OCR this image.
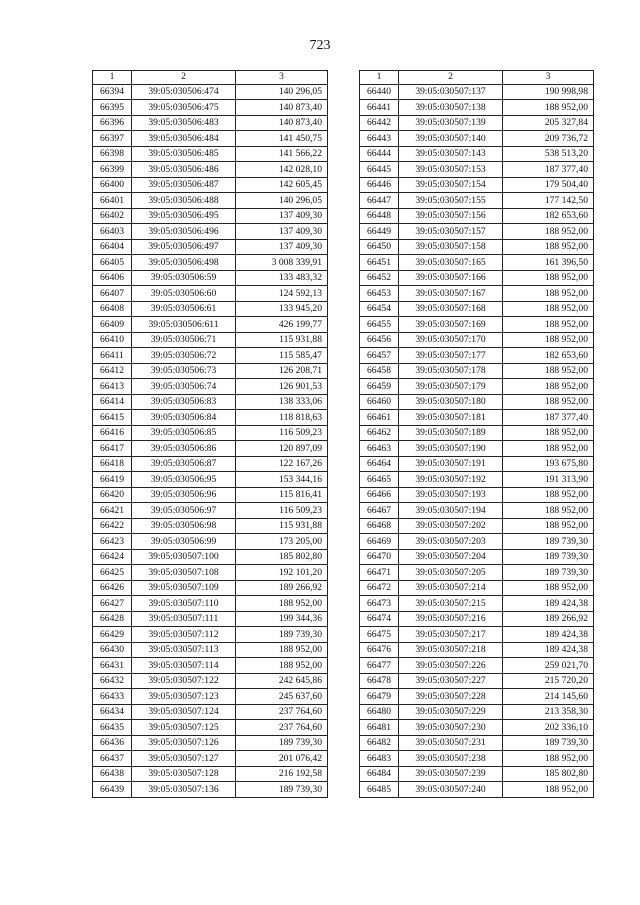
723
1	2	3
66394	39:05:030506:474	140 296,05
66395	39:05:030506:475	140 873,40
66396	39:05:030506:483	140 873,40
66397	39:05:030506:484	141 450,75
66398	39:05:030506:485	141 566,22
66399	39:05:030506:486	142 028,10
66400	39:05:030506:487	142 605,45
66401	39:05:030506:488	140 296,05
66402	39:05:030506:495	137 409,30
66403	39:05:030506:496	137 409,30
66404	39:05:030506:497	137 409,30
66405	39:05:030506:498	3 008 339,91
66406	39:05:030506:59	133 483,32
66407	39:05:030506:60	124 592,13
66408	39:05:030506:61	133 945,20
66409	39:05:030506:611	426 199,77
66410	39:05:030506:71	115 931,88
66411	39:05:030506:72	115 585,47
66412	39:05:030506:73	126 208,71
66413	39:05:030506:74	126 901,53
66414	39:05:030506:83	138 333,06
66415	39:05:030506:84	118 818,63
66416	39:05:030506:85	116 509,23
66417	39:05:030506:86	120 897,09
66418	39:05:030506:87	122 167,26
66419	39:05:030506:95	153 344,16
66420	39:05:030506:96	115 816,41
66421	39:05:030506:97	116 509,23
66422	39:05:030506:98	115 931,88
66423	39:05:030506:99	173 205,00
66424	39:05:030507:100	185 802,80
66425	39:05:030507:108	192 101,20
66426	39:05:030507:109	189 266,92
66427	39:05:030507:110	188 952,00
66428	39:05:030507:111	199 344,36
66429	39:05:030507:112	189 739,30
66430	39:05:030507:113	188 952,00
66431	39:05:030507:114	188 952,00
66432	39:05:030507:122	242 645,86
66433	39:05:030507:123	245 637,60
66434	39:05:030507:124	237 764,60
66435	39:05:030507:125	237 764,60
66436	39:05:030507:126	189 739,30
66437	39:05:030507:127	201 076,42
66438	39:05:030507:128	216 192,58
66439	39:05:030507:136	189 739,30
1	2	3
66440	39:05:030507:137	190 998,98
66441	39:05:030507:138	188 952,00
66442	39:05:030507:139	205 327,84
66443	39:05:030507:140	209 736,72
66444	39:05:030507:143	538 513,20
66445	39:05:030507:153	187 377,40
66446	39:05:030507:154	179 504,40
66447	39:05:030507:155	177 142,50
66448	39:05:030507:156	182 653,60
66449	39:05:030507:157	188 952,00
66450	39:05:030507:158	188 952,00
66451	39:05:030507:165	161 396,50
66452	39:05:030507:166	188 952,00
66453	39:05:030507:167	188 952,00
66454	39:05:030507:168	188 952,00
66455	39:05:030507:169	188 952,00
66456	39:05:030507:170	188 952,00
66457	39:05:030507:177	182 653,60
66458	39:05:030507:178	188 952,00
66459	39:05:030507:179	188 952,00
66460	39:05:030507:180	188 952,00
66461	39:05:030507:181	187 377,40
66462	39:05:030507:189	188 952,00
66463	39:05:030507:190	188 952,00
66464	39:05:030507:191	193 675,80
66465	39:05:030507:192	191 313,90
66466	39:05:030507:193	188 952,00
66467	39:05:030507:194	188 952,00
66468	39:05:030507:202	188 952,00
66469	39:05:030507:203	189 739,30
66470	39:05:030507:204	189 739,30
66471	39:05:030507:205	189 739,30
66472	39:05:030507:214	188 952,00
66473	39:05:030507:215	189 424,38
66474	39:05:030507:216	189 266,92
66475	39:05:030507:217	189 424,38
66476	39:05:030507:218	189 424,38
66477	39:05:030507:226	259 021,70
66478	39:05:030507:227	215 720,20
66479	39:05:030507:228	214 145,60
66480	39:05:030507:229	213 358,30
66481	39:05:030507:230	202 336,10
66482	39:05:030507:231	189 739,30
66483	39:05:030507:238	188 952,00
66484	39:05:030507:239	185 802,80
66485	39:05:030507:240	188 952,00
